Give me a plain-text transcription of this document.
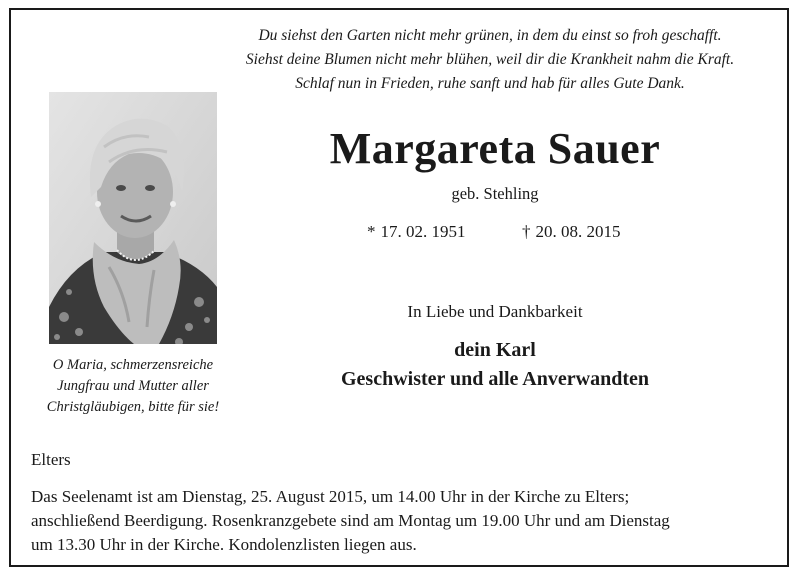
Du siehst den Garten nicht mehr grünen, in dem du einst so froh geschafft.
Siehst deine Blumen nicht mehr blühen, weil dir die Krankheit nahm die Kraft.
Schlaf nun in Frieden, ruhe sanft und hab für alles Gute Dank.
O Maria, schmerzensreiche
Jungfrau und Mutter aller
Christgläubigen, bitte für sie!
Margareta Sauer
geb. Stehling
* 17. 02. 1951	† 20. 08. 2015
In Liebe und Dankbarkeit
dein Karl
Geschwister und alle Anverwandten
Elters
Das Seelenamt ist am Dienstag, 25. August 2015, um 14.00 Uhr in der Kirche zu Elters;
anschließend Beerdigung. Rosenkranzgebete sind am Montag um 19.00 Uhr und am Dienstag
um 13.30 Uhr in der Kirche. Kondolenzlisten liegen aus.
